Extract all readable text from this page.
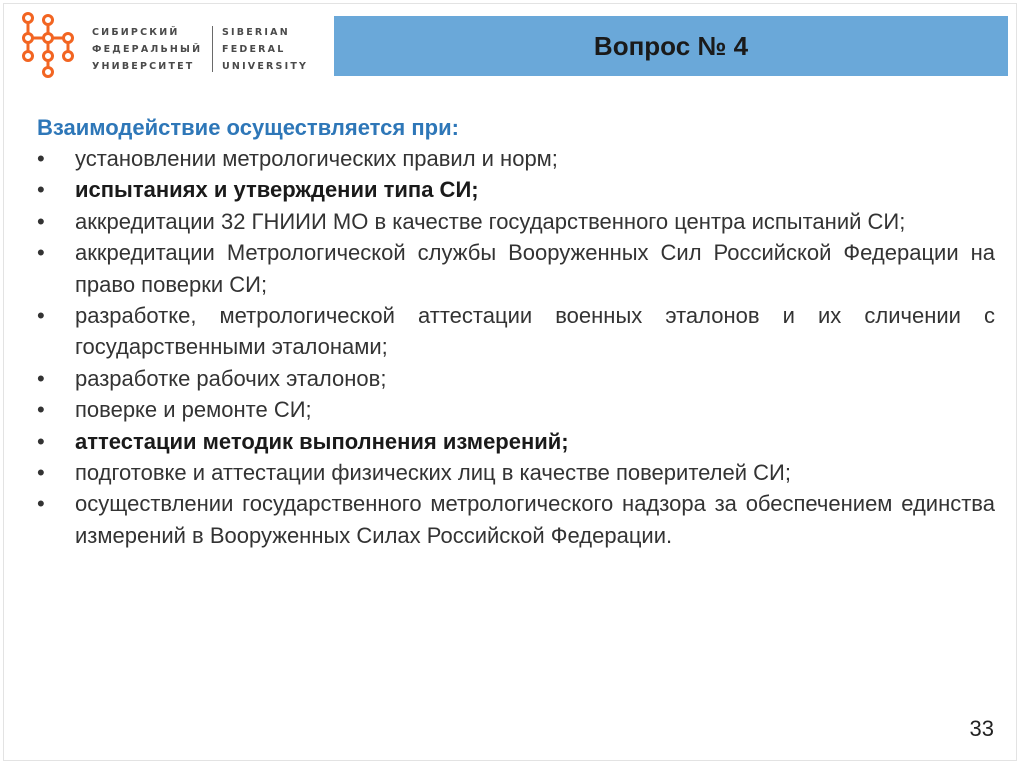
СИБИРСКИЙ
ФЕДЕРАЛЬНЫЙ
УНИВЕРСИТЕТ
SIBERIAN
FEDERAL
UNIVERSITY
Вопрос № 4
Взаимодействие осуществляется при:
•	установлении метрологических правил и норм;
•	испытаниях и утверждении типа СИ;
•	аккредитации 32 ГНИИИ МО в качестве государственного центра испытаний СИ;
•	аккредитации Метрологической службы Вооруженных Сил Российской Федерации на право поверки СИ;
•	разработке, метрологической аттестации военных эталонов и их сличении с государственными эталонами;
•	разработке рабочих эталонов;
•	поверке и ремонте СИ;
•	аттестации методик выполнения измерений;
•	подготовке и аттестации физических лиц в качестве поверителей СИ;
•	осуществлении государственного метрологического надзора за обеспечением единства измерений в Вооруженных Силах Российской Федерации.
33
